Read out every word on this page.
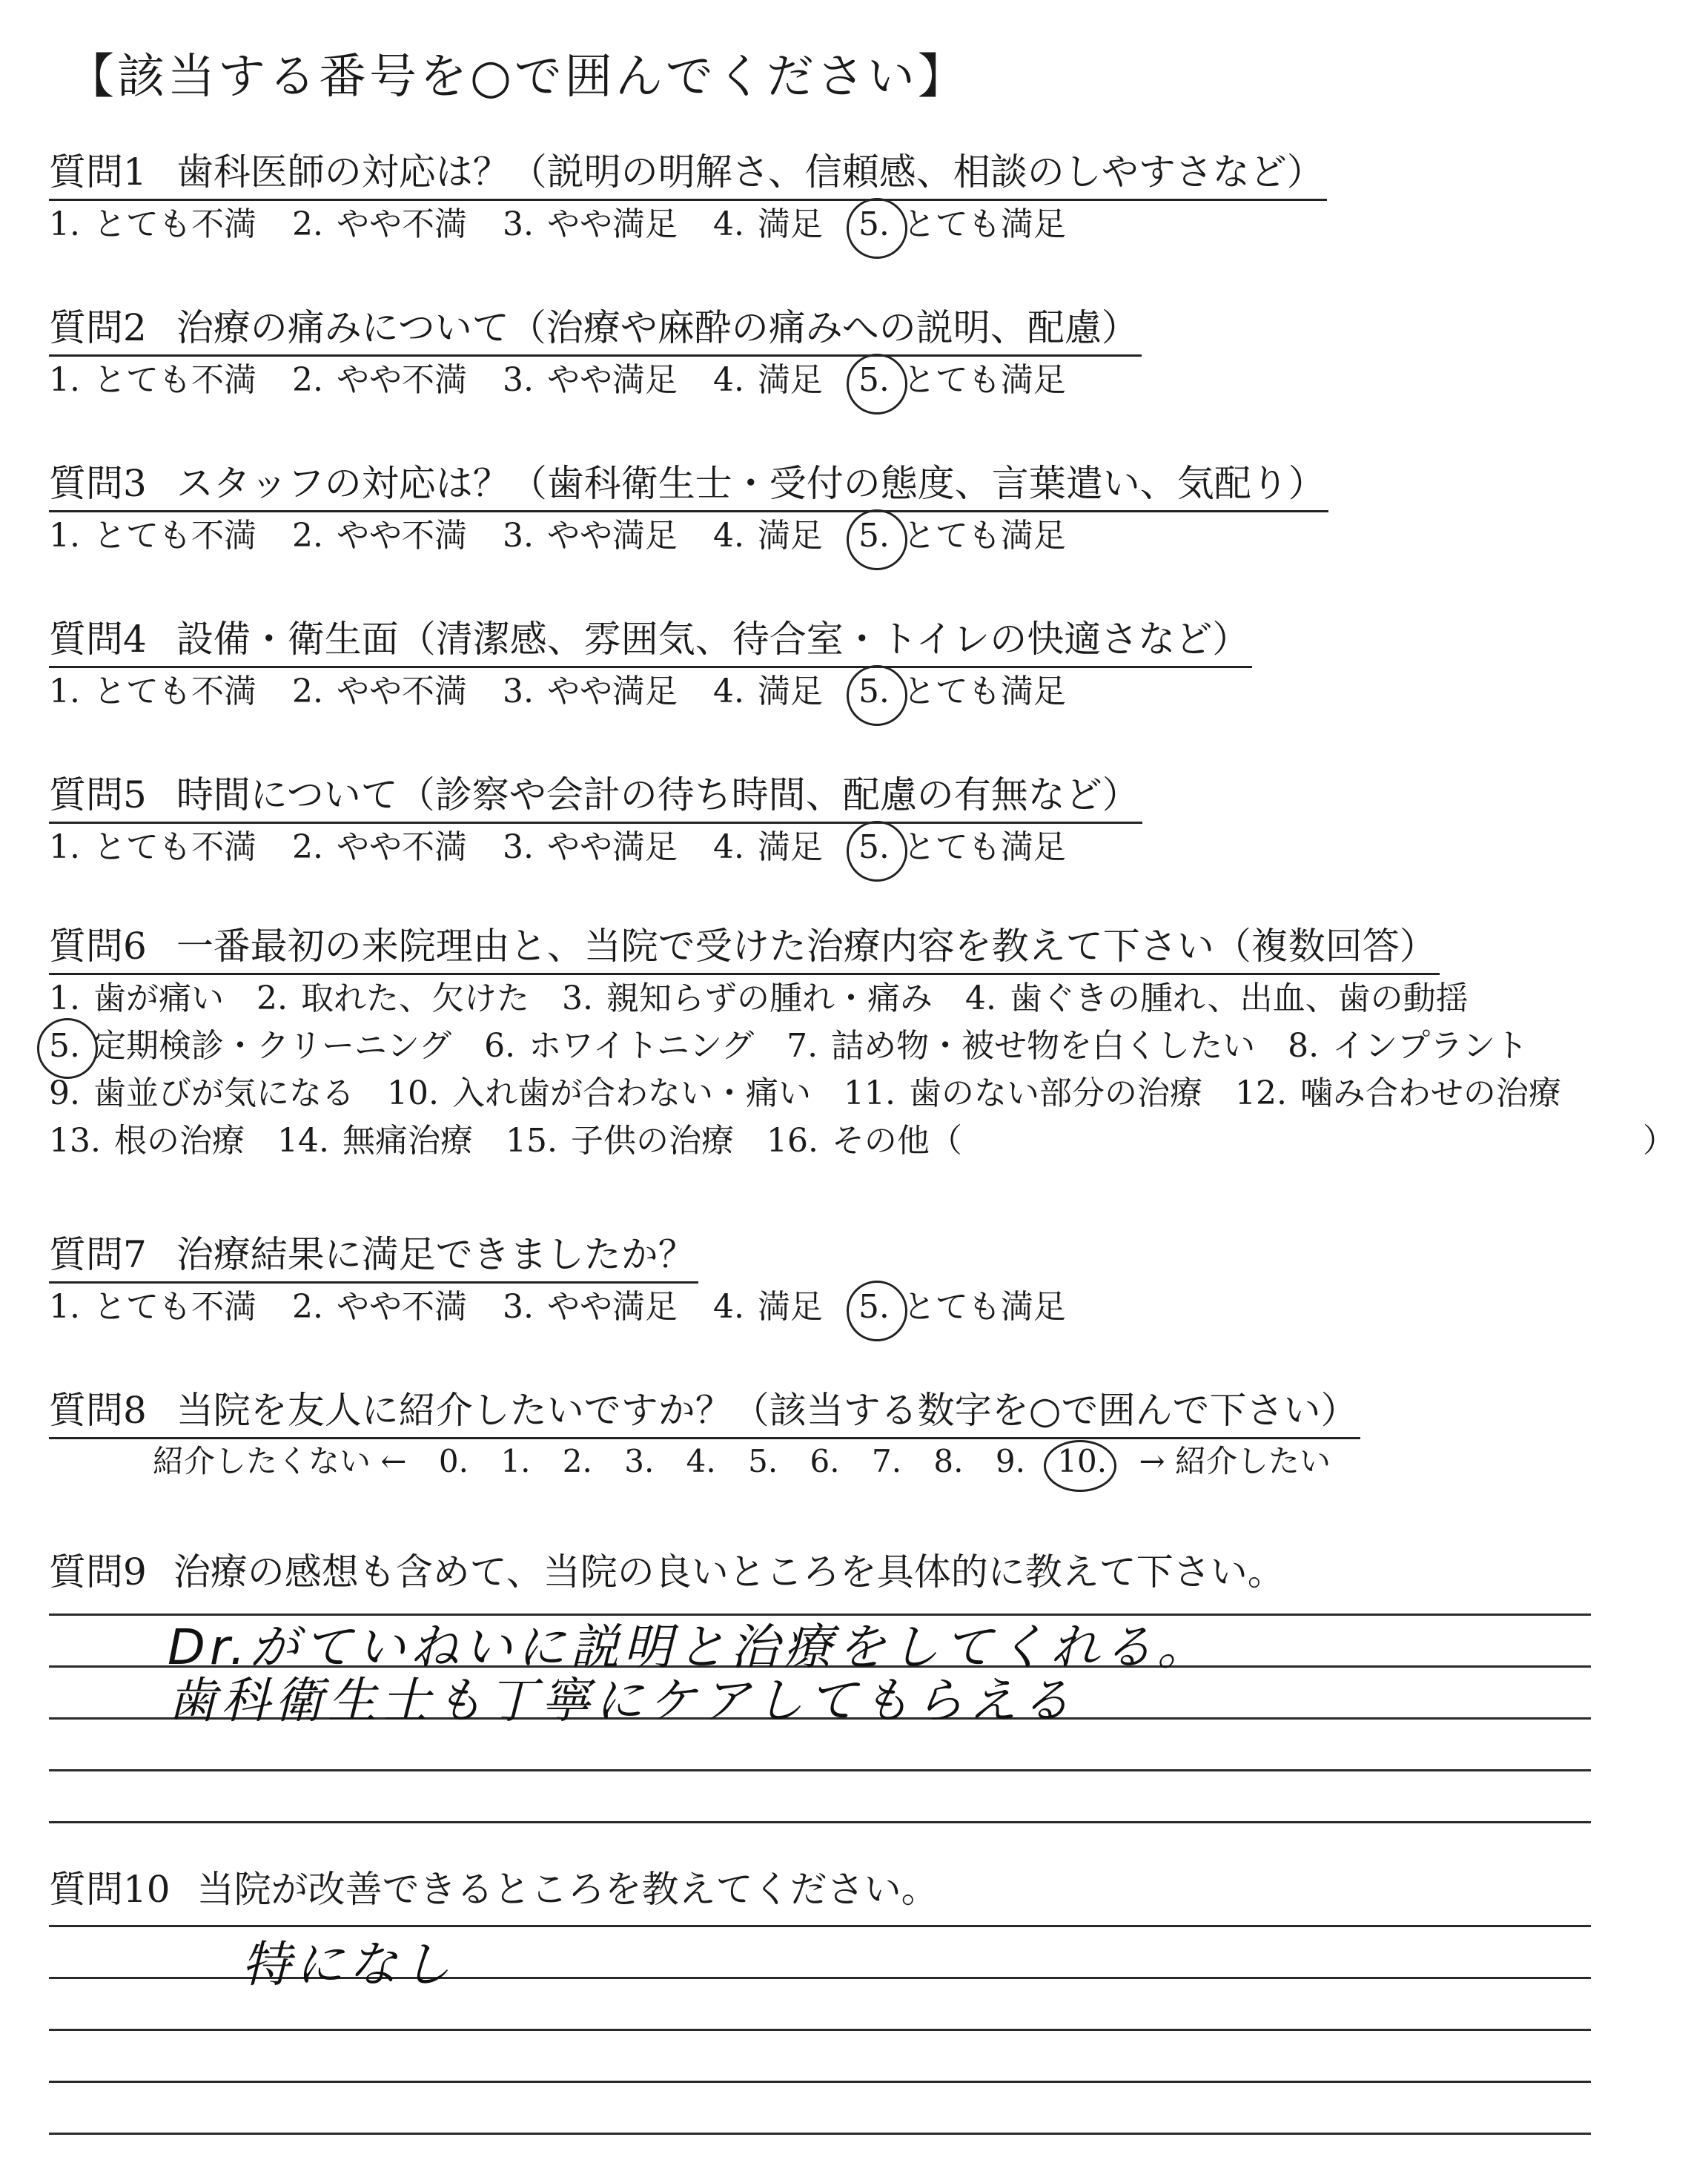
【該当する番号を○で囲んでください】
質問1 歯科医師の対応は？（説明の明解さ、信頼感、相談のしやすさなど）
1. とても不満 2. やや不満 3. やや満足 4. 満足 5. とても満足
質問2 治療の痛みについて（治療や麻酔の痛みへの説明、配慮）
1. とても不満 2. やや不満 3. やや満足 4. 満足 5. とても満足
質問3 スタッフの対応は？（歯科衛生士・受付の態度、言葉遣い、気配り）
1. とても不満 2. やや不満 3. やや満足 4. 満足 5. とても満足
質問4 設備・衛生面（清潔感、雰囲気、待合室・トイレの快適さなど）
1. とても不満 2. やや不満 3. やや満足 4. 満足 5. とても満足
質問5 時間について（診察や会計の待ち時間、配慮の有無など）
1. とても不満 2. やや不満 3. やや満足 4. 満足 5. とても満足
質問6 一番最初の来院理由と、当院で受けた治療内容を教えて下さい（複数回答）
1. 歯が痛い 2. 取れた、欠けた 3. 親知らずの腫れ・痛み 4. 歯ぐきの腫れ、出血、歯の動揺
5. 定期検診・クリーニング 6. ホワイトニング 7. 詰め物・被せ物を白くしたい 8. インプラント
9. 歯並びが気になる 10. 入れ歯が合わない・痛い 11. 歯のない部分の治療 12. 噛み合わせの治療
13. 根の治療 14. 無痛治療 15. 子供の治療 16. その他（	）
質問7 治療結果に満足できましたか？
1. とても不満 2. やや不満 3. やや満足 4. 満足 5. とても満足
質問8 当院を友人に紹介したいですか？（該当する数字を○で囲んで下さい）
紹介したくない ← 0. 1. 2. 3. 4. 5. 6. 7. 8. 9. 10. → 紹介したい
質問9 治療の感想も含めて、当院の良いところを具体的に教えて下さい。
Dr.がていねいに説明と治療をしてくれる。
歯科衛生士も丁寧にケアしてもらえる
質問10 当院が改善できるところを教えてください。
特になし
